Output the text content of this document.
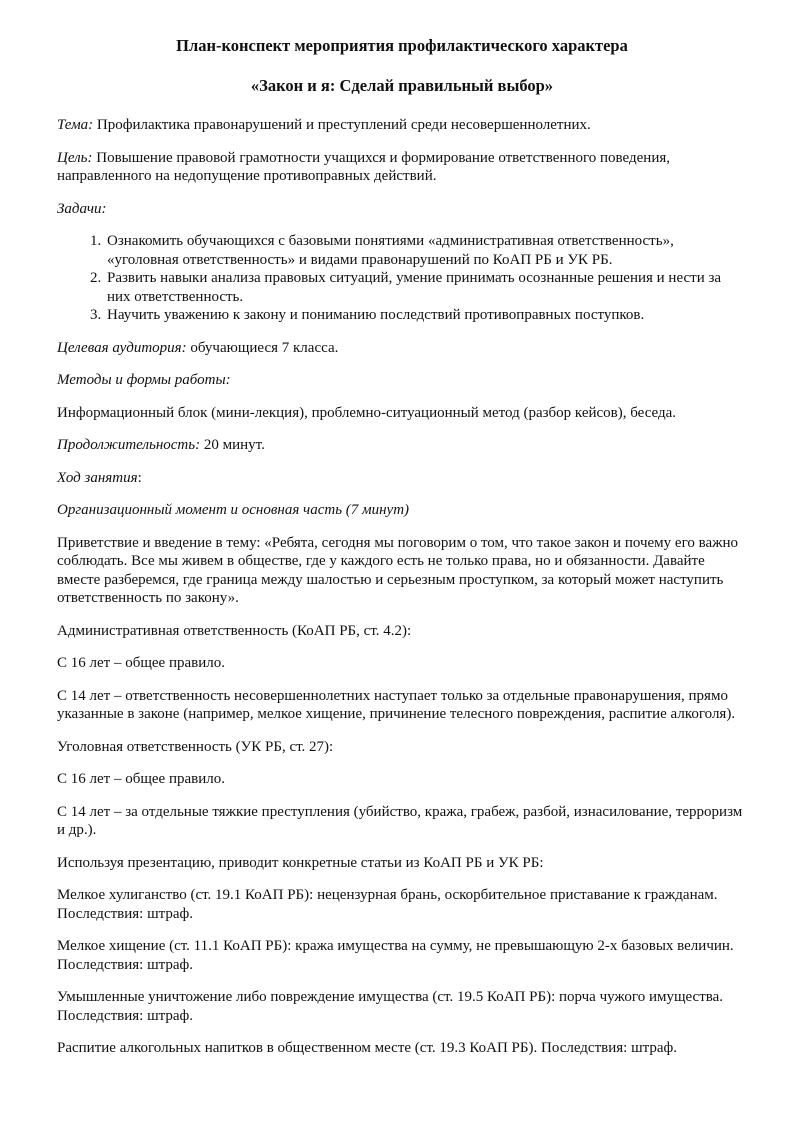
План-конспект мероприятия профилактического характера
«Закон и я: Сделай правильный выбор»
Тема: Профилактика правонарушений и преступлений среди несовершеннолетних.
Цель: Повышение правовой грамотности учащихся и формирование ответственного поведения, направленного на недопущение противоправных действий.
Задачи:
1. Ознакомить обучающихся с базовыми понятиями «административная ответственность», «уголовная ответственность» и видами правонарушений по КоАП РБ и УК РБ.
2. Развить навыки анализа правовых ситуаций, умение принимать осознанные решения и нести за них ответственность.
3. Научить уважению к закону и пониманию последствий противоправных поступков.
Целевая аудитория: обучающиеся 7 класса.
Методы и формы работы:
Информационный блок (мини-лекция), проблемно-ситуационный метод (разбор кейсов), беседа.
Продолжительность: 20 минут.
Ход занятия:
Организационный момент и основная часть (7 минут)
Приветствие и введение в тему: «Ребята, сегодня мы поговорим о том, что такое закон и почему его важно соблюдать. Все мы живем в обществе, где у каждого есть не только права, но и обязанности. Давайте вместе разберемся, где граница между шалостью и серьезным проступком, за который может наступить ответственность по закону».
Административная ответственность (КоАП РБ, ст. 4.2):
С 16 лет – общее правило.
С 14 лет – ответственность несовершеннолетних наступает только за отдельные правонарушения, прямо указанные в законе (например, мелкое хищение, причинение телесного повреждения, распитие алкоголя).
Уголовная ответственность (УК РБ, ст. 27):
С 16 лет – общее правило.
С 14 лет – за отдельные тяжкие преступления (убийство, кража, грабеж, разбой, изнасилование, терроризм и др.).
Используя презентацию, приводит конкретные статьи из КоАП РБ и УК РБ:
Мелкое хулиганство (ст. 19.1 КоАП РБ): нецензурная брань, оскорбительное приставание к гражданам. Последствия: штраф.
Мелкое хищение (ст. 11.1 КоАП РБ): кража имущества на сумму, не превышающую 2-х базовых величин. Последствия: штраф.
Умышленные уничтожение либо повреждение имущества (ст. 19.5 КоАП РБ): порча чужого имущества. Последствия: штраф.
Распитие алкогольных напитков в общественном месте (ст. 19.3 КоАП РБ). Последствия: штраф.
